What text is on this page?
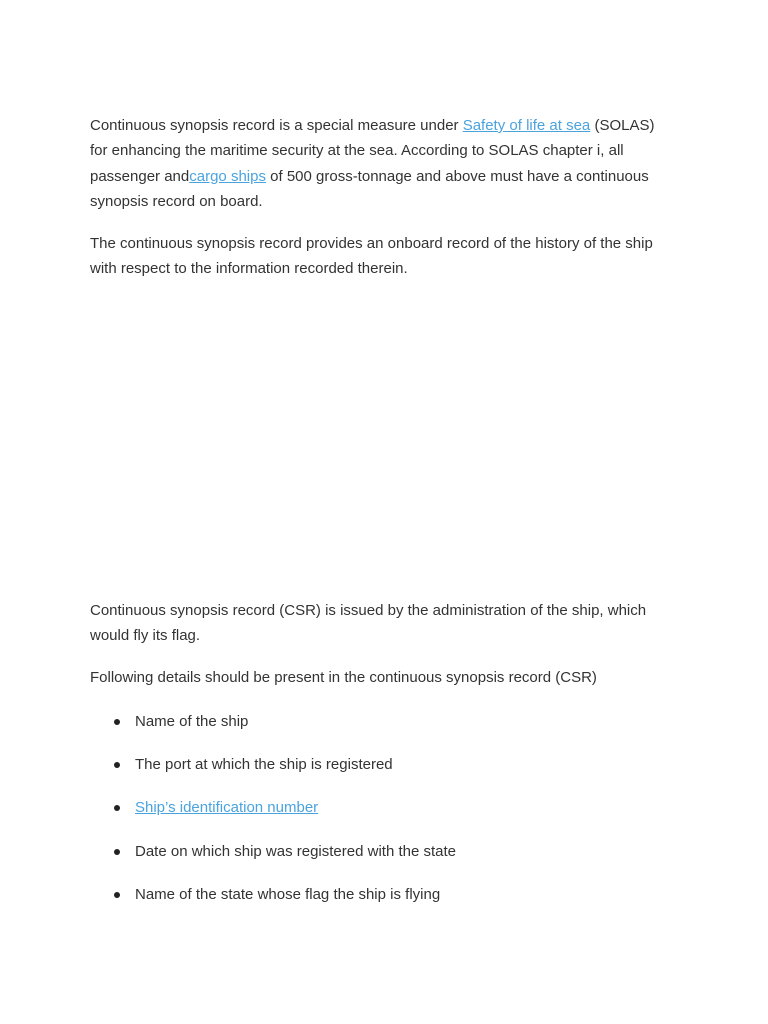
Continuous synopsis record is a special measure under Safety of life at sea (SOLAS) for enhancing the maritime security at the sea. According to SOLAS chapter i, all passenger andcargo ships of 500 gross-tonnage and above must have a continuous synopsis record on board.

The continuous synopsis record provides an onboard record of the history of the ship with respect to the information recorded therein.

Continuous synopsis record (CSR) is issued by the administration of the ship, which would fly its flag.

Following details should be present in the continuous synopsis record (CSR)

Name of the ship
The port at which the ship is registered
Ship’s identification number
Date on which ship was registered with the state
Name of the state whose flag the ship is flying
